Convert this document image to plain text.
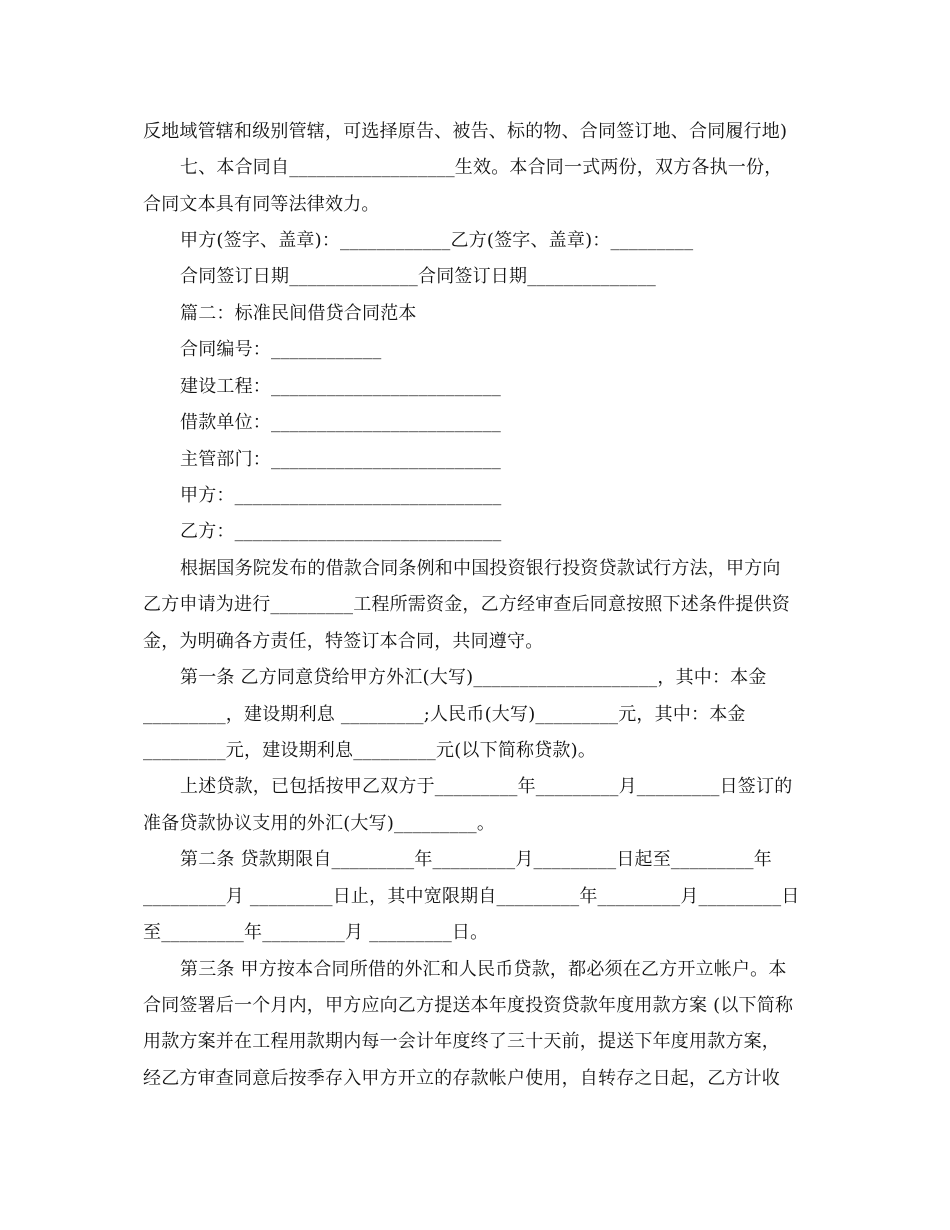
反地域管辖和级别管辖，可选择原告、被告、标的物、合同签订地、合同履行地)
七、本合同自__________________生效。本合同一式两份，双方各执一份，
合同文本具有同等法律效力。
甲方(签字、盖章)：____________乙方(签字、盖章)：_________
合同签订日期______________合同签订日期______________
篇二：标准民间借贷合同范本
合同编号：____________
建设工程：_________________________
借款单位：_________________________
主管部门：_________________________
甲方：_____________________________
乙方：_____________________________
根据国务院发布的借款合同条例和中国投资银行投资贷款试行方法，甲方向
乙方申请为进行_________工程所需资金，乙方经审查后同意按照下述条件提供资
金，为明确各方责任，特签订本合同，共同遵守。
第一条 乙方同意贷给甲方外汇(大写)____________________，其中：本金
_________，建设期利息 _________;人民币(大写)_________元，其中：本金
_________元，建设期利息_________元(以下简称贷款)。
上述贷款，已包括按甲乙双方于_________年_________月_________日签订的
准备贷款协议支用的外汇(大写)_________。
第二条 贷款期限自_________年_________月_________日起至_________年
_________月 _________日止，其中宽限期自_________年_________月_________日
至_________年_________月 _________日。
第三条 甲方按本合同所借的外汇和人民币贷款，都必须在乙方开立帐户。本
合同签署后一个月内，甲方应向乙方提送本年度投资贷款年度用款方案 (以下简称
用款方案并在工程用款期内每一会计年度终了三十天前，提送下年度用款方案，
经乙方审查同意后按季存入甲方开立的存款帐户使用，自转存之日起，乙方计收
